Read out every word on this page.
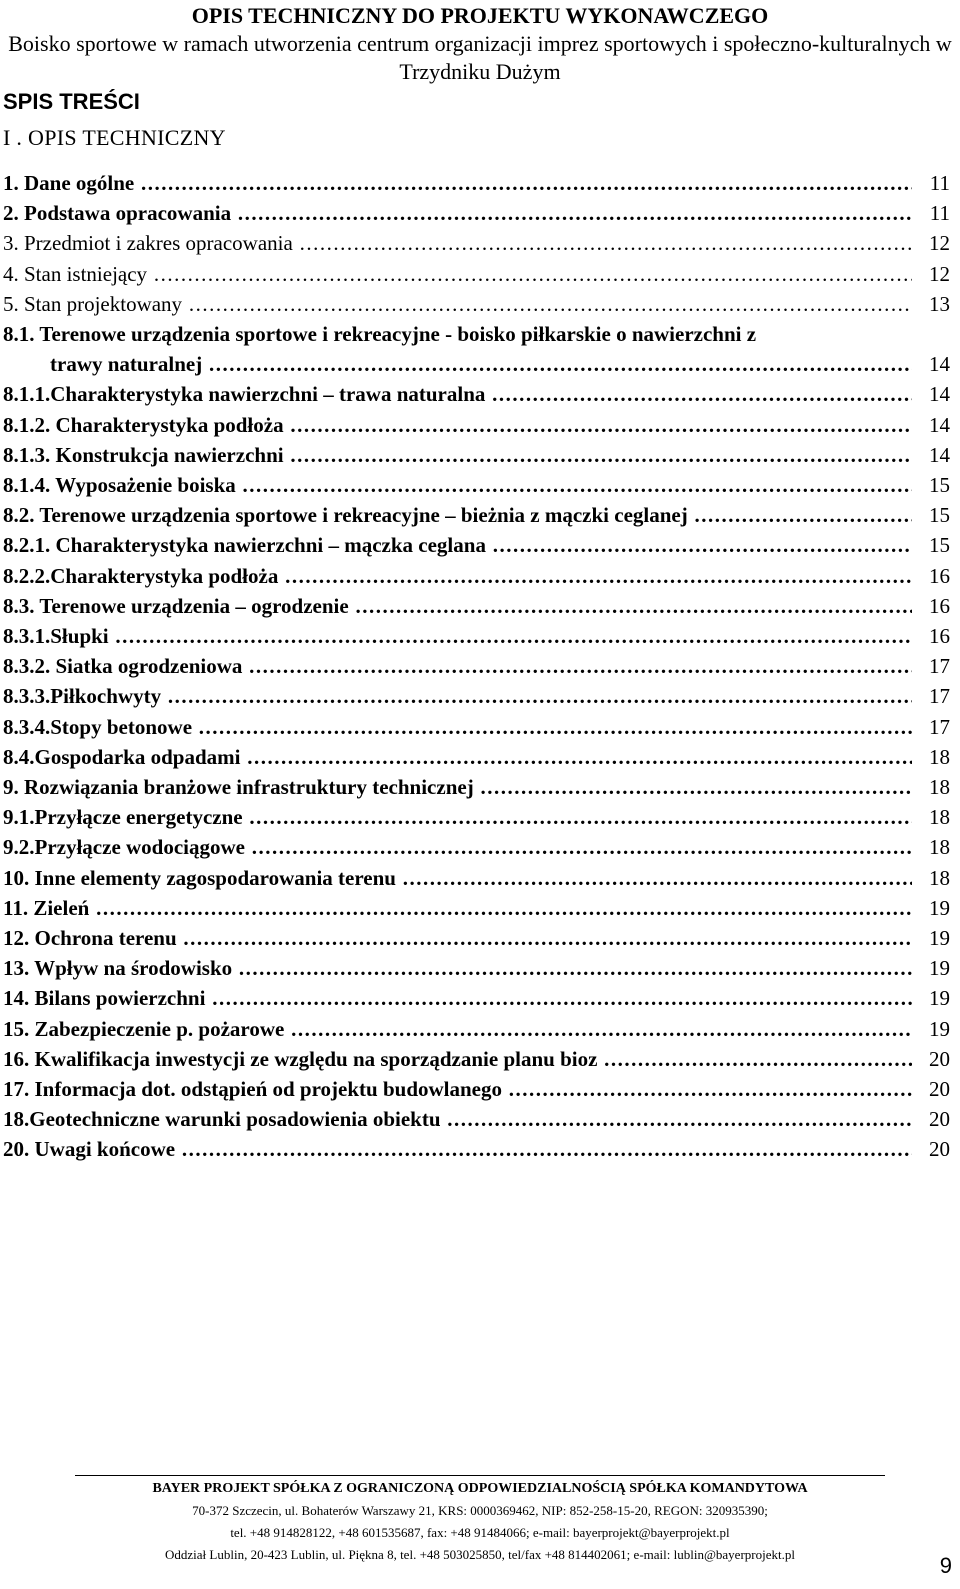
OPIS TECHNICZNY DO PROJEKTU WYKONAWCZEGO

Boisko sportowe w ramach utworzenia centrum organizacji imprez sportowych i społeczno-kulturalnych w Trzydniku Dużym

SPIS TREŚCI
I . OPIS TECHNICZNY
1. Dane ogólne .....	11
2. Podstawa opracowania .....	11
3. Przedmiot i zakres opracowania .....	12
4. Stan istniejący .....	12
5. Stan projektowany .....	13
8.1. Terenowe urządzenia sportowe i rekreacyjne - boisko piłkarskie o nawierzchni z
trawy naturalnej .....	14
8.1.1.Charakterystyka nawierzchni – trawa naturalna .....	14
8.1.2. Charakterystyka podłoża .....	14
8.1.3. Konstrukcja nawierzchni .....	14
8.1.4. Wyposażenie boiska .....	15
8.2. Terenowe urządzenia sportowe i rekreacyjne – bieżnia z mączki ceglanej .....	15
8.2.1. Charakterystyka nawierzchni – mączka ceglana .....	15
8.2.2.Charakterystyka podłoża .....	16
8.3. Terenowe urządzenia – ogrodzenie .....	16
8.3.1.Słupki .....	16
8.3.2. Siatka ogrodzeniowa .....	17
8.3.3.Piłkochwyty .....	17
8.3.4.Stopy betonowe .....	17
8.4.Gospodarka odpadami .....	18
9. Rozwiązania branżowe infrastruktury technicznej .....	18
9.1.Przyłącze energetyczne .....	18
9.2.Przyłącze wodociągowe .....	18
10. Inne elementy zagospodarowania terenu .....	18
11. Zieleń .....	19
12. Ochrona terenu .....	19
13. Wpływ na środowisko .....	19
14. Bilans powierzchni .....	19
15. Zabezpieczenie p. pożarowe .....	19
16. Kwalifikacja inwestycji ze względu na sporządzanie planu bioz .....	20
17. Informacja dot. odstąpień od projektu budowlanego .....	20
18.Geotechniczne warunki posadowienia obiektu .....	20
20. Uwagi końcowe .....	20
BAYER PROJEKT SPÓŁKA Z OGRANICZONĄ ODPOWIEDZIALNOŚCIĄ SPÓŁKA KOMANDYTOWA
70-372 Szczecin, ul. Bohaterów Warszawy 21, KRS: 0000369462, NIP: 852-258-15-20, REGON: 320935390;
tel. +48 914828122, +48 601535687, fax: +48 91484066; e-mail: bayerprojekt@bayerprojekt.pl
Oddział Lublin, 20-423 Lublin, ul. Piękna 8, tel. +48 503025850, tel/fax +48 814402061; e-mail: lublin@bayerprojekt.pl	9
